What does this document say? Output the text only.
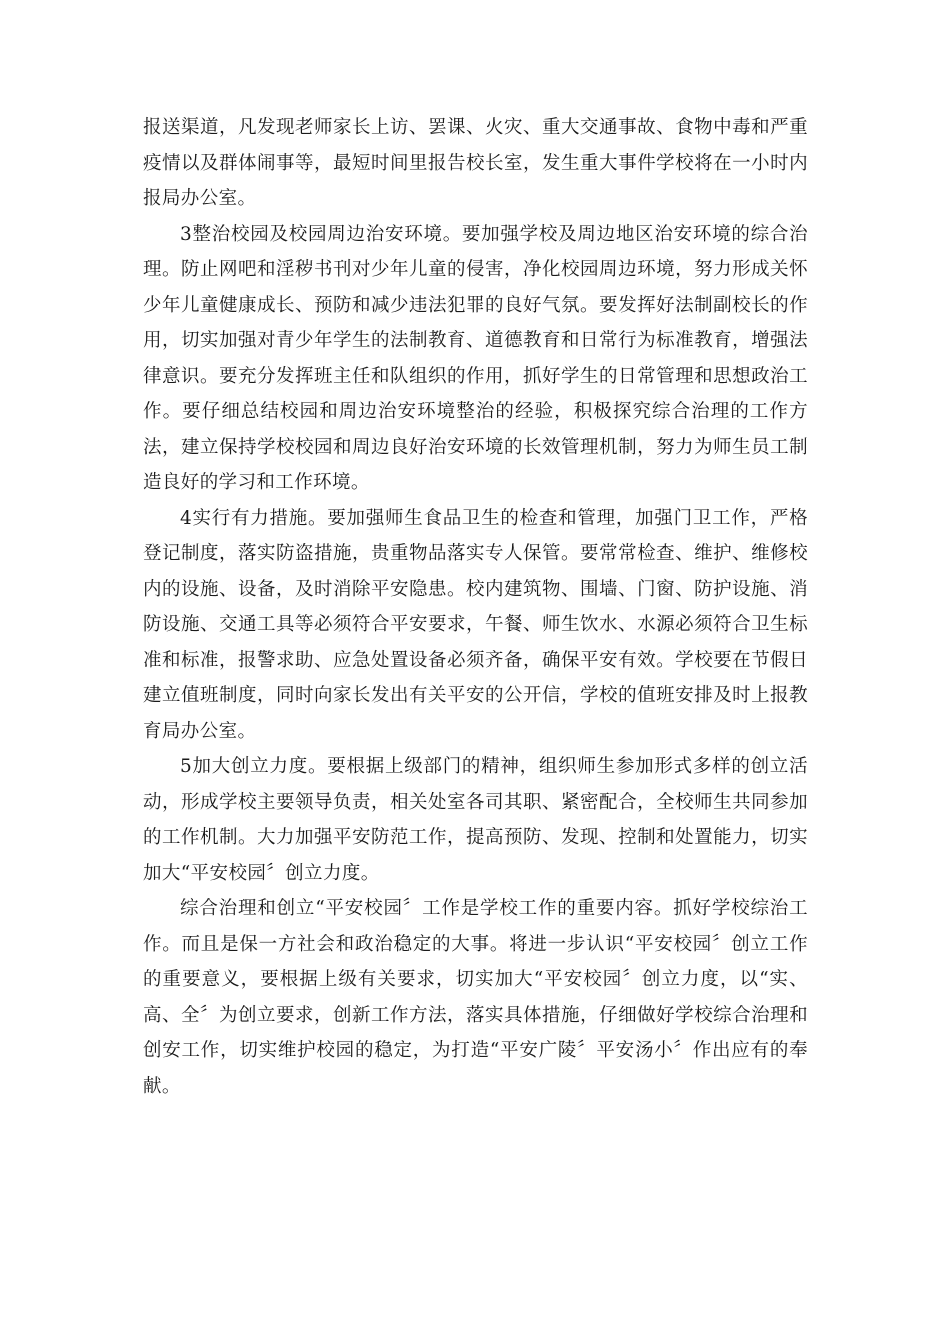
报送渠道，凡发现老师家长上访、罢课、火灾、重大交通事故、食物中毒和严重疫情以及群体闹事等，最短时间里报告校长室，发生重大事件学校将在一小时内报局办公室。

3整治校园及校园周边治安环境。要加强学校及周边地区治安环境的综合治理。防止网吧和淫秽书刊对少年儿童的侵害，净化校园周边环境，努力形成关怀少年儿童健康成长、预防和减少违法犯罪的良好气氛。要发挥好法制副校长的作用，切实加强对青少年学生的法制教育、道德教育和日常行为标准教育，增强法律意识。要充分发挥班主任和队组织的作用，抓好学生的日常管理和思想政治工作。要仔细总结校园和周边治安环境整治的经验，积极探究综合治理的工作方法，建立保持学校校园和周边良好治安环境的长效管理机制，努力为师生员工制造良好的学习和工作环境。

4实行有力措施。要加强师生食品卫生的检查和管理，加强门卫工作，严格登记制度，落实防盗措施，贵重物品落实专人保管。要常常检查、维护、维修校内的设施、设备，及时消除平安隐患。校内建筑物、围墙、门窗、防护设施、消防设施、交通工具等必须符合平安要求，午餐、师生饮水、水源必须符合卫生标准和标准，报警求助、应急处置设备必须齐备，确保平安有效。学校要在节假日建立值班制度，同时向家长发出有关平安的公开信，学校的值班安排及时上报教育局办公室。

5加大创立力度。要根据上级部门的精神，组织师生参加形式多样的创立活动，形成学校主要领导负责，相关处室各司其职、紧密配合，全校师生共同参加的工作机制。大力加强平安防范工作，提高预防、发现、控制和处置能力，切实加大“平安校园〞创立力度。

综合治理和创立“平安校园〞工作是学校工作的重要内容。抓好学校综治工作。而且是保一方社会和政治稳定的大事。将进一步认识“平安校园〞创立工作的重要意义，要根据上级有关要求，切实加大“平安校园〞创立力度，以“实、高、全〞为创立要求，创新工作方法，落实具体措施，仔细做好学校综合治理和创安工作，切实维护校园的稳定，为打造“平安广陵〞平安汤小〞作出应有的奉献。
